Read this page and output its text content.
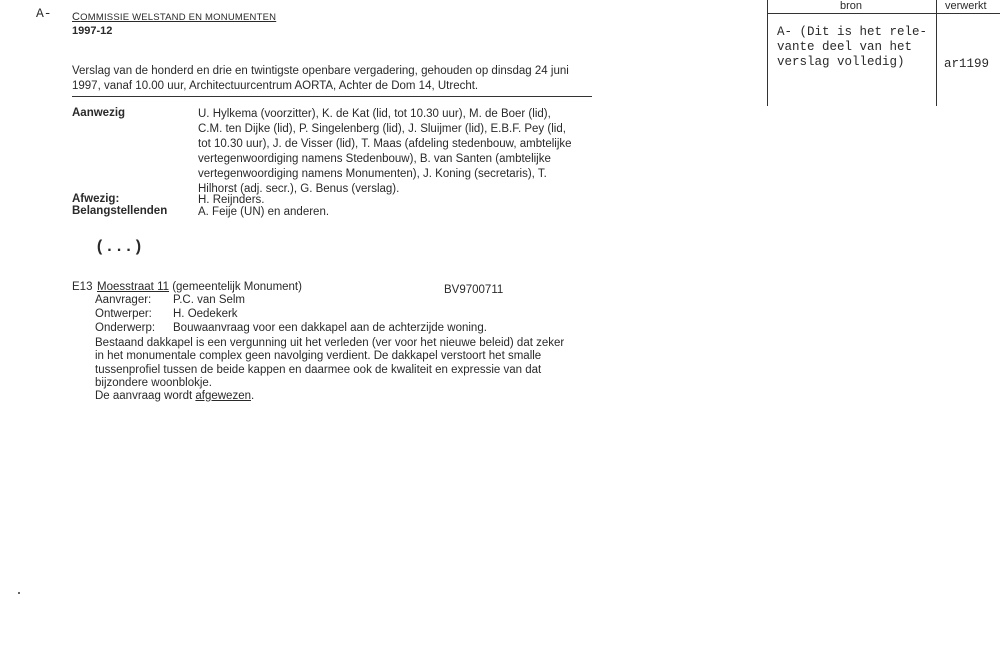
A- COMMISSIE WELSTAND EN MONUMENTEN
1997-12
Verslag van de honderd en drie en twintigste openbare vergadering, gehouden op dinsdag 24 juni
1997, vanaf 10.00 uur, Architectuurcentrum AORTA, Achter de Dom 14, Utrecht.
Aanwezig	U. Hylkema (voorzitter), K. de Kat (lid, tot 10.30 uur), M. de Boer (lid),
C.M. ten Dijke (lid), P. Singelenberg (lid), J. Sluijmer (lid), E.B.F. Pey (lid,
tot 10.30 uur), J. de Visser (lid), T. Maas (afdeling stedenbouw, ambtelijke
vertegenwoordiging namens Stedenbouw), B. van Santen (ambtelijke
vertegenwoordiging namens Monumenten), J. Koning (secretaris), T.
Hilhorst (adj. secr.), G. Benus (verslag).
Afwezig:	H. Reijnders.
Belangstellenden	A. Feije (UN) en anderen.
(...)
E13 Moesstraat 11 (gemeentelijk Monument)	BV9700711
Aanvrager: P.C. van Selm
Ontwerper: H. Oedekerk
Onderwerp: Bouwaanvraag voor een dakkapel aan de achterzijde woning.
Bestaand dakkapel is een vergunning uit het verleden (ver voor het nieuwe beleid) dat zeker
in het monumentale complex geen navolging verdient. De dakkapel verstoort het smalle
tussenprofiel tussen de beide kappen en daarmee ook de kwaliteit en expressie van dat
bijzondere woonblokje.
De aanvraag wordt afgewezen.
bron	verwerkt
A- (Dit is het rele-
vante deel van het
verslag volledig)	ar1199
